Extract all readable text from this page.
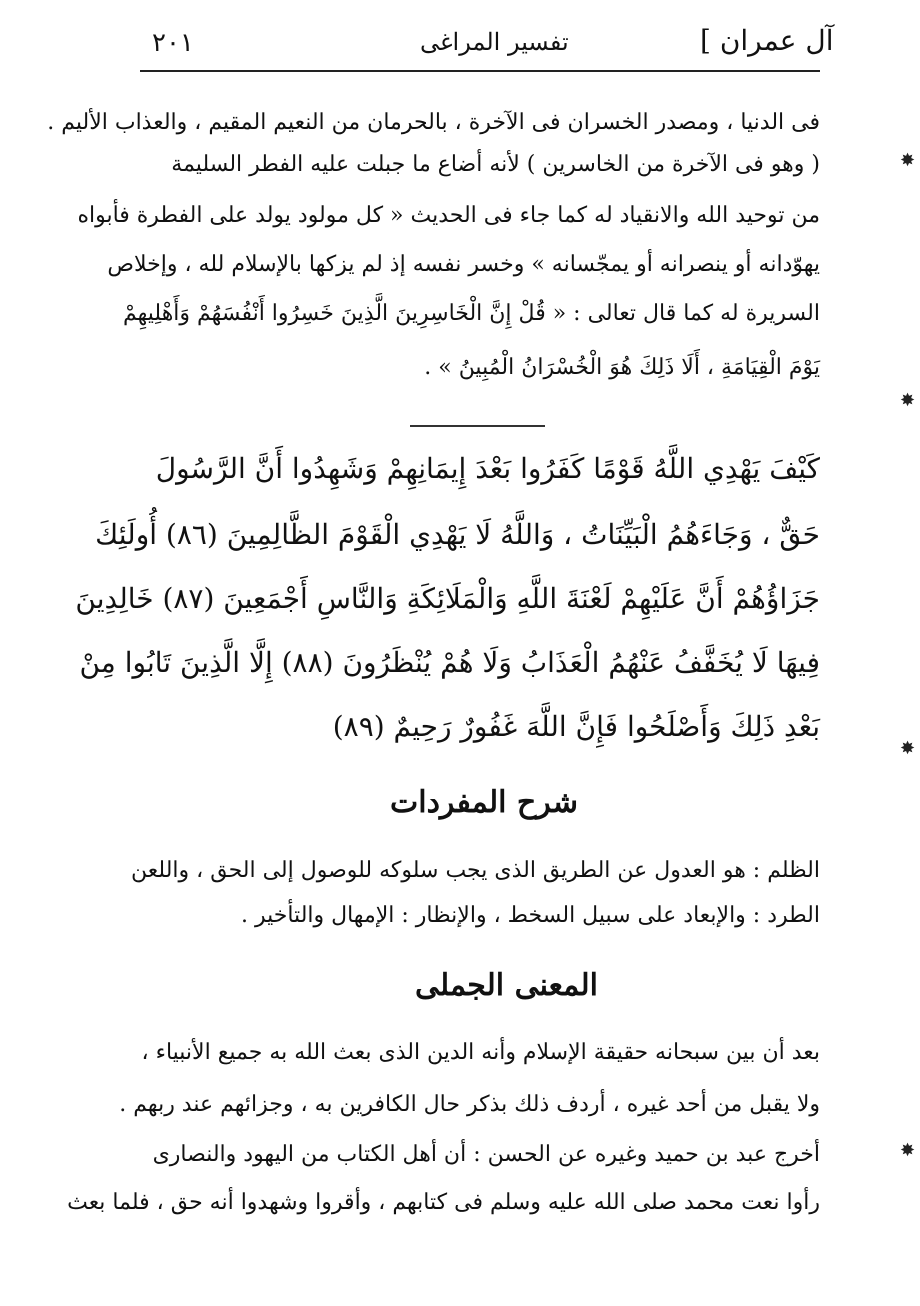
٢٠١	تفسير المراغى	آل عمران ]
فى الدنيا ، ومصدر الخسران فى الآخرة ، بالحرمان من النعيم المقيم ، والعذاب الأليم .
( وهو فى الآخرة من الخاسرين ) لأنه أضاع ما جبلت عليه الفطر السليمة
من توحيد الله والانقياد له كما جاء فى الحديث « كل مولود يولد على الفطرة فأبواه
يهوّدانه أو ينصرانه أو يمجّسانه » وخسر نفسه إذ لم يزكها بالإسلام لله ، وإخلاص
السريرة له كما قال تعالى : « قُلْ إِنَّ الْخَاسِرِينَ الَّذِينَ خَسِرُوا أَنْفُسَهُمْ وَأَهْلِيهِمْ
يَوْمَ الْقِيَامَةِ ، أَلَا ذَلِكَ هُوَ الْخُسْرَانُ الْمُبِينُ » .
كَيْفَ يَهْدِي اللَّهُ قَوْمًا كَفَرُوا بَعْدَ إِيمَانِهِمْ وَشَهِدُوا أَنَّ الرَّسُولَ
حَقٌّ ، وَجَاءَهُمُ الْبَيِّنَاتُ ، وَاللَّهُ لَا يَهْدِي الْقَوْمَ الظَّالِمِينَ (٨٦) أُولَئِكَ
جَزَاؤُهُمْ أَنَّ عَلَيْهِمْ لَعْنَةَ اللَّهِ وَالْمَلَائِكَةِ وَالنَّاسِ أَجْمَعِينَ (٨٧) خَالِدِينَ
فِيهَا لَا يُخَفَّفُ عَنْهُمُ الْعَذَابُ وَلَا هُمْ يُنْظَرُونَ (٨٨) إِلَّا الَّذِينَ تَابُوا مِنْ
بَعْدِ ذَلِكَ وَأَصْلَحُوا فَإِنَّ اللَّهَ غَفُورٌ رَحِيمٌ (٨٩)
شرح المفردات
الظلم : هو العدول عن الطريق الذى يجب سلوكه للوصول إلى الحق ، واللعن
الطرد : والإبعاد على سبيل السخط ، والإنظار : الإمهال والتأخير .
المعنى الجملى
بعد أن بين سبحانه حقيقة الإسلام وأنه الدين الذى بعث الله به جميع الأنبياء ،
ولا يقبل من أحد غيره ، أردف ذلك بذكر حال الكافرين به ، وجزائهم عند ربهم .
أخرج عبد بن حميد وغيره عن الحسن : أن أهل الكتاب من اليهود والنصارى
رأوا نعت محمد صلى الله عليه وسلم فى كتابهم ، وأقروا وشهدوا أنه حق ، فلما بعث
✸
✸
✸
✸
